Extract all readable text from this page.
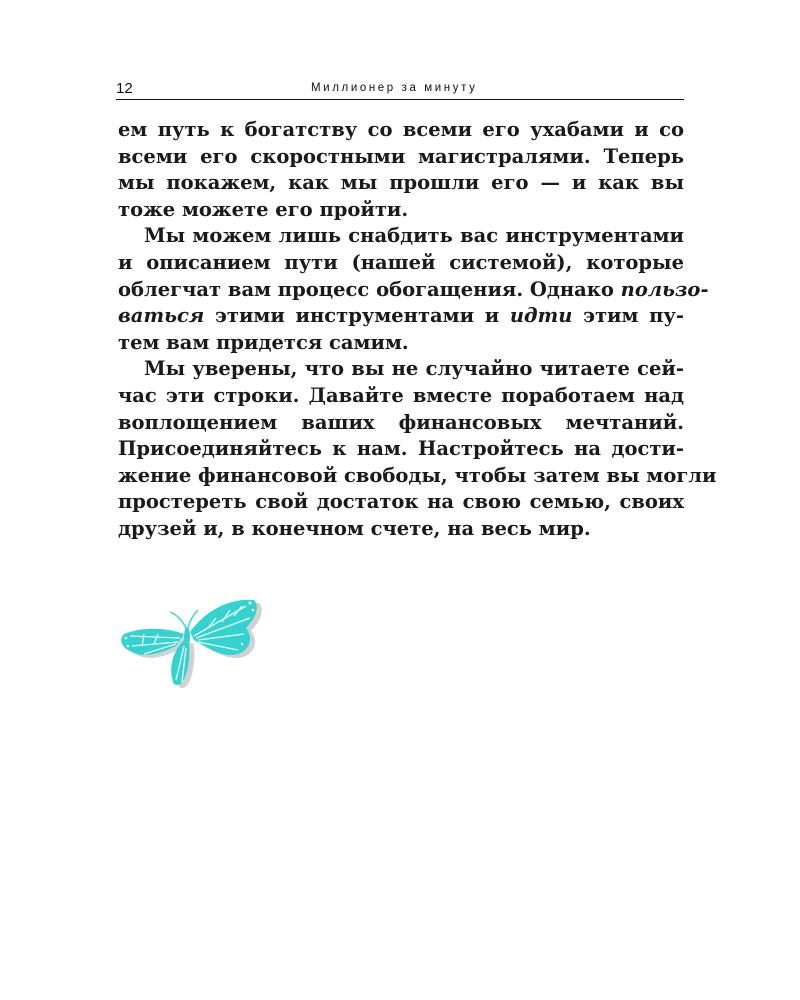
12	Миллионер за минуту

ем путь к богатству со всеми его ухабами и со
всеми его скоростными магистралями. Теперь
мы покажем, как мы прошли его — и как вы
тоже можете его пройти.

Мы можем лишь снабдить вас инструментами
и описанием пути (нашей системой), которые
облегчат вам процесс обогащения. Однако пользо-
ваться этими инструментами и идти этим пу-
тем вам придется самим.

Мы уверены, что вы не случайно читаете сей-
час эти строки. Давайте вместе поработаем над
воплощением ваших финансовых мечтаний.
Присоединяйтесь к нам. Настройтесь на дости-
жение финансовой свободы, чтобы затем вы могли
простереть свой достаток на свою семью, своих
друзей и, в конечном счете, на весь мир.
